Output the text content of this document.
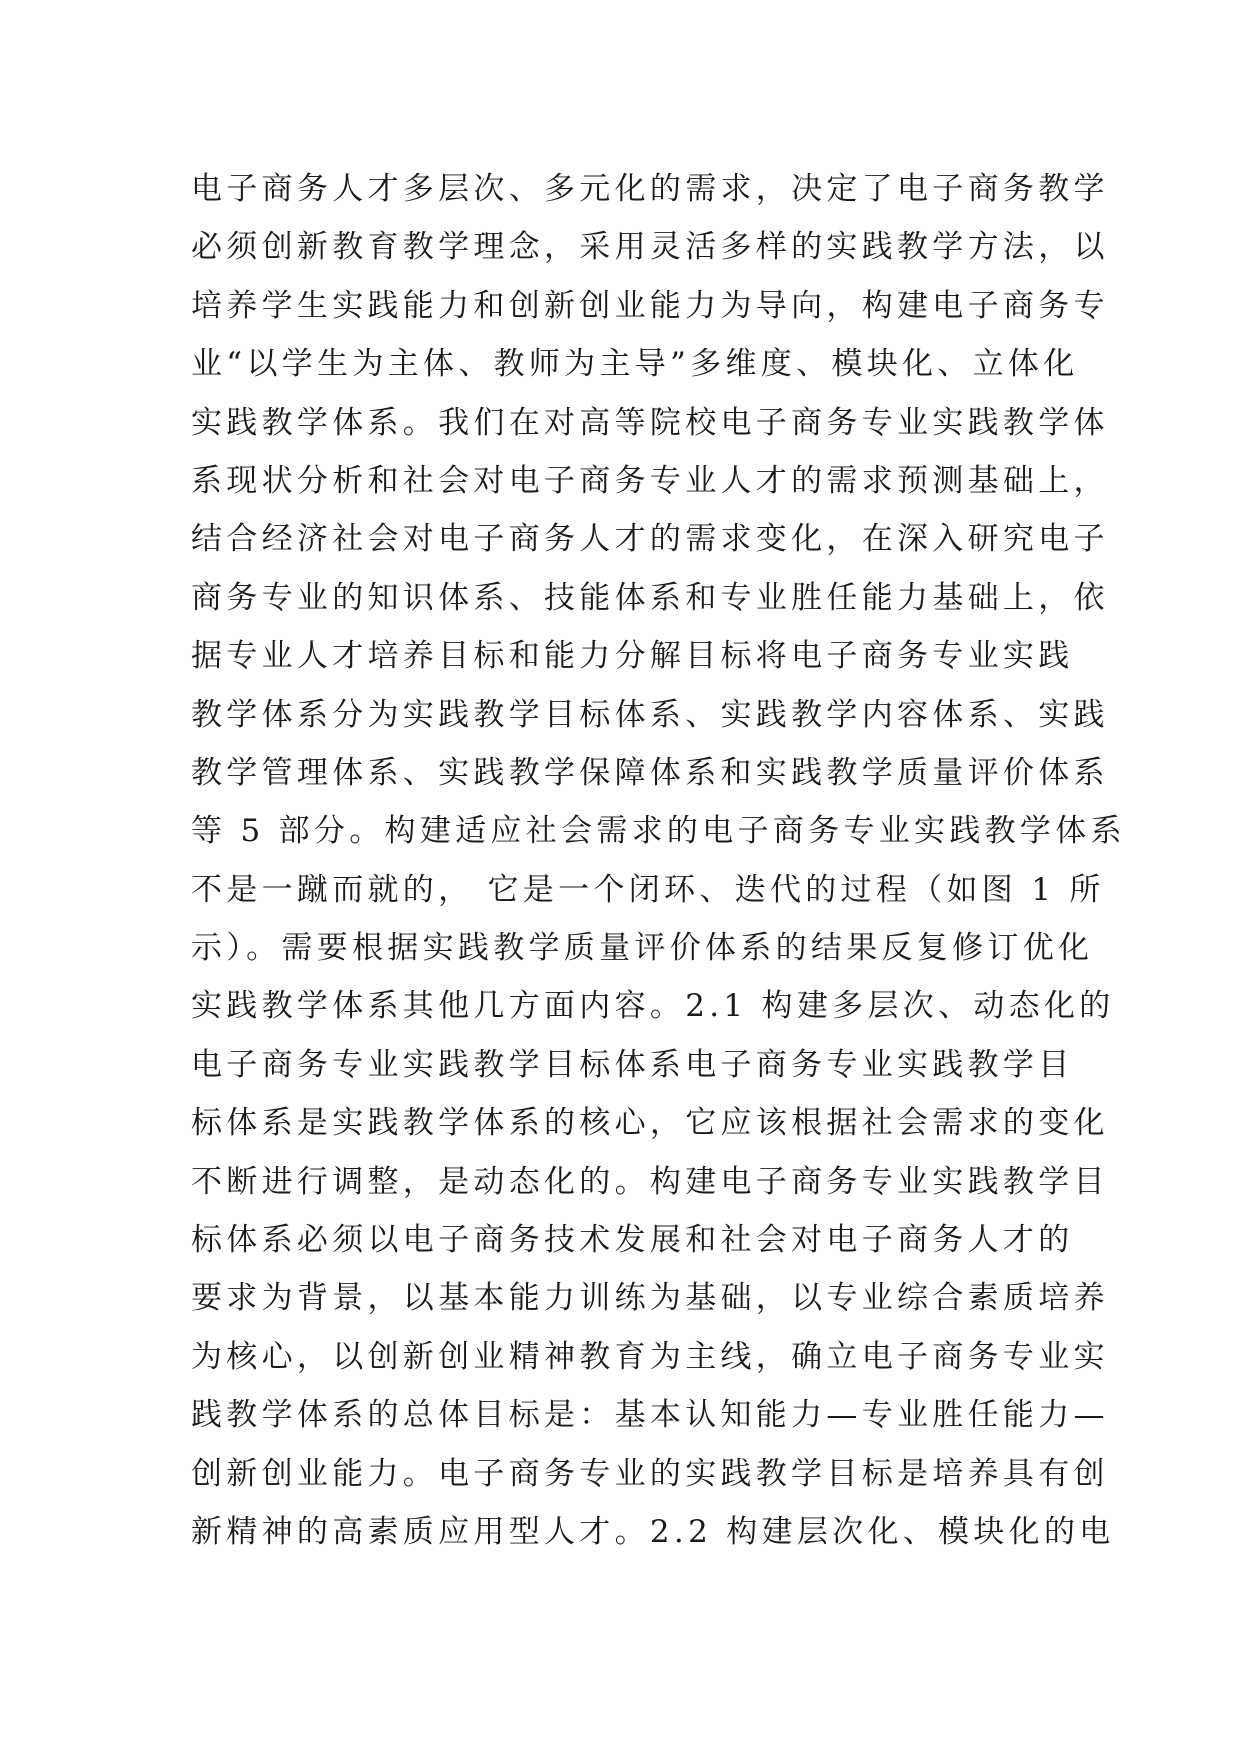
电子商务人才多层次、多元化的需求，决定了电子商务教学
必须创新教育教学理念，采用灵活多样的实践教学方法，以
培养学生实践能力和创新创业能力为导向，构建电子商务专
业“以学生为主体、教师为主导”多维度、模块化、立体化
实践教学体系。我们在对高等院校电子商务专业实践教学体
系现状分析和社会对电子商务专业人才的需求预测基础上，
结合经济社会对电子商务人才的需求变化，在深入研究电子
商务专业的知识体系、技能体系和专业胜任能力基础上，依
据专业人才培养目标和能力分解目标将电子商务专业实践
教学体系分为实践教学目标体系、实践教学内容体系、实践
教学管理体系、实践教学保障体系和实践教学质量评价体系
等 5 部分。构建适应社会需求的电子商务专业实践教学体系
不是一蹴而就的， 它是一个闭环、迭代的过程（如图 1 所
示）。需要根据实践教学质量评价体系的结果反复修订优化
实践教学体系其他几方面内容。2.1 构建多层次、动态化的
电子商务专业实践教学目标体系电子商务专业实践教学目
标体系是实践教学体系的核心，它应该根据社会需求的变化
不断进行调整，是动态化的。构建电子商务专业实践教学目
标体系必须以电子商务技术发展和社会对电子商务人才的
要求为背景，以基本能力训练为基础，以专业综合素质培养
为核心，以创新创业精神教育为主线，确立电子商务专业实
践教学体系的总体目标是：基本认知能力—专业胜任能力—
创新创业能力。电子商务专业的实践教学目标是培养具有创
新精神的高素质应用型人才。2.2 构建层次化、模块化的电
